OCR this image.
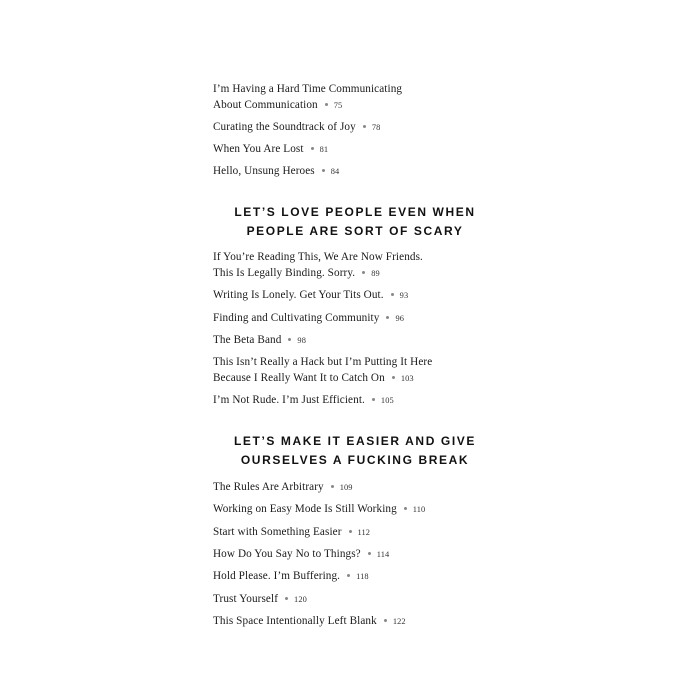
I’m Having a Hard Time Communicating
About Communication 75
Curating the Soundtrack of Joy 78
When You Are Lost 81
Hello, Unsung Heroes 84
LET’S LOVE PEOPLE EVEN WHEN
PEOPLE ARE SORT OF SCARY
If You’re Reading This, We Are Now Friends.
This Is Legally Binding. Sorry. 89
Writing Is Lonely. Get Your Tits Out. 93
Finding and Cultivating Community 96
The Beta Band 98
This Isn’t Really a Hack but I’m Putting It Here
Because I Really Want It to Catch On 103
I’m Not Rude. I’m Just Efficient. 105
LET’S MAKE IT EASIER AND GIVE
OURSELVES A FUCKING BREAK
The Rules Are Arbitrary 109
Working on Easy Mode Is Still Working 110
Start with Something Easier 112
How Do You Say No to Things? 114
Hold Please. I’m Buffering. 118
Trust Yourself 120
This Space Intentionally Left Blank 122
